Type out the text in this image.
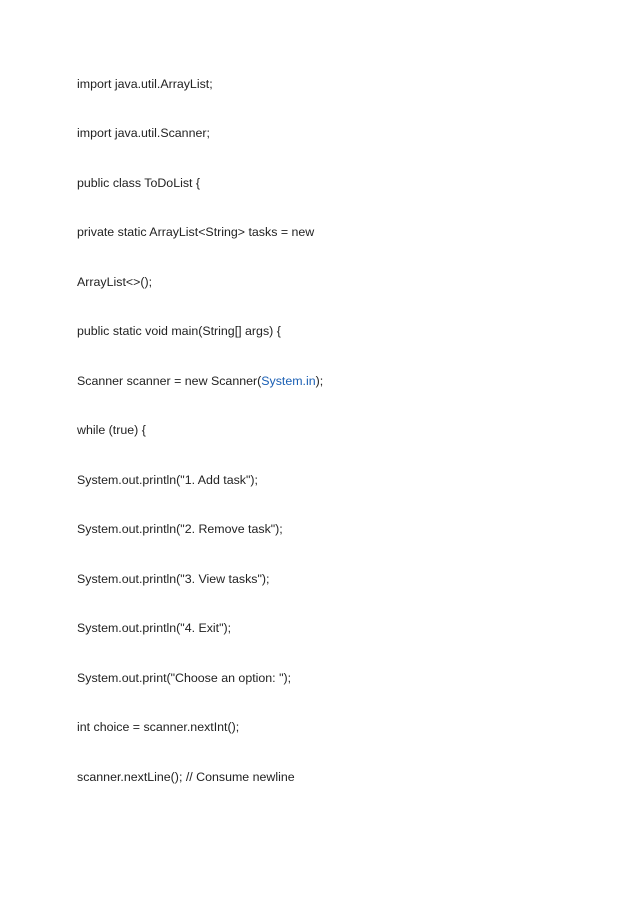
import java.util.ArrayList;
import java.util.Scanner;
public class ToDoList {
private static ArrayList<String> tasks = new
ArrayList<>();
public static void main(String[] args) {
Scanner scanner = new Scanner(System.in);
while (true) {
System.out.println("1. Add task");
System.out.println("2. Remove task");
System.out.println("3. View tasks");
System.out.println("4. Exit");
System.out.print("Choose an option: ");
int choice = scanner.nextInt();
scanner.nextLine(); // Consume newline
